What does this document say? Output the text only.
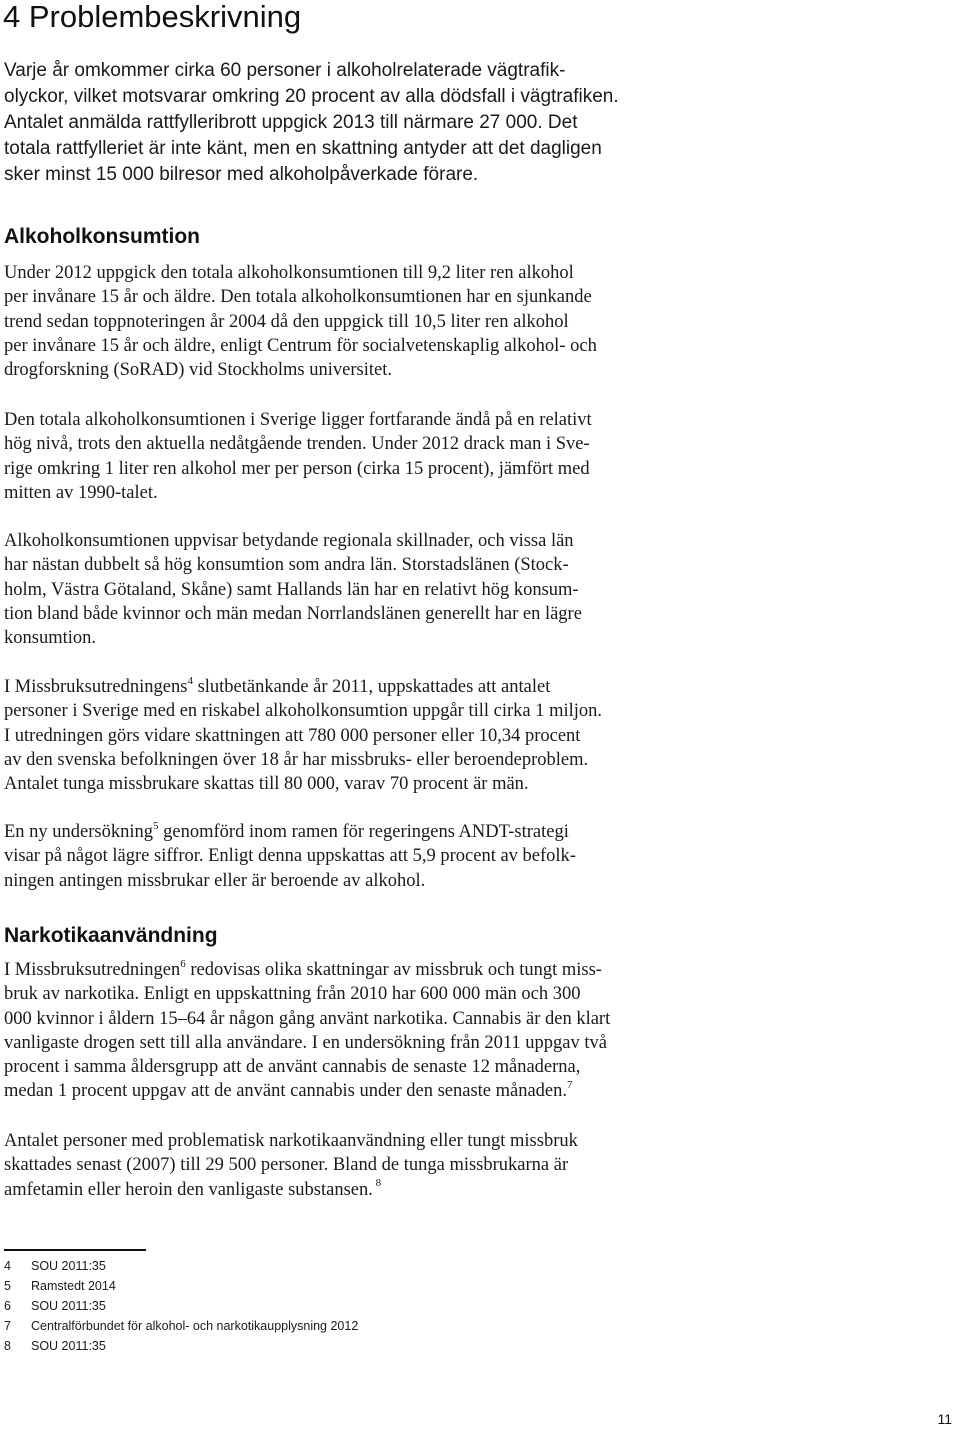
4 Problembeskrivning
Varje år omkommer cirka 60 personer i alkoholrelaterade vägtrafik-
olyckor, vilket motsvarar omkring 20 procent av alla dödsfall i vägtrafiken.
Antalet anmälda rattfylleribrott uppgick 2013 till närmare 27 000. Det
totala rattfylleriet är inte känt, men en skattning antyder att det dagligen
sker minst 15 000 bilresor med alkoholpåverkade förare.
Alkoholkonsumtion
Under 2012 uppgick den totala alkoholkonsumtionen till 9,2 liter ren alkohol
per invånare 15 år och äldre. Den totala alkoholkonsumtionen har en sjunkande
trend sedan toppnoteringen år 2004 då den uppgick till 10,5 liter ren alkohol
per invånare 15 år och äldre, enligt Centrum för socialvetenskaplig alkohol- och
drogforskning (SoRAD) vid Stockholms universitet.
Den totala alkoholkonsumtionen i Sverige ligger fortfarande ändå på en relativt
hög nivå, trots den aktuella nedåtgående trenden. Under 2012 drack man i Sve-
rige omkring 1 liter ren alkohol mer per person (cirka 15 procent), jämfört med
mitten av 1990-talet.
Alkoholkonsumtionen uppvisar betydande regionala skillnader, och vissa län
har nästan dubbelt så hög konsumtion som andra län. Storstadslänen (Stock-
holm, Västra Götaland, Skåne) samt Hallands län har en relativt hög konsum-
tion bland både kvinnor och män medan Norrlandslänen generellt har en lägre
konsumtion.
I Missbruksutredningens$^4$ slutbetänkande år 2011, uppskattades att antalet
personer i Sverige med en riskabel alkoholkonsumtion uppgår till cirka 1 miljon.
I utredningen görs vidare skattningen att 780 000 personer eller 10,34 procent
av den svenska befolkningen över 18 år har missbruks- eller beroendeproblem.
Antalet tunga missbrukare skattas till 80 000, varav 70 procent är män.
En ny undersökning$^5$ genomförd inom ramen för regeringens ANDT-strategi
visar på något lägre siffror. Enligt denna uppskattas att 5,9 procent av befolk-
ningen antingen missbrukar eller är beroende av alkohol.
Narkotikaanvändning
I Missbruksutredningen$^6$ redovisas olika skattningar av missbruk och tungt miss-
bruk av narkotika. Enligt en uppskattning från 2010 har 600 000 män och 300
000 kvinnor i åldern 15–64 år någon gång använt narkotika. Cannabis är den klart
vanligaste drogen sett till alla användare. I en undersökning från 2011 uppgav två
procent i samma åldersgrupp att de använt cannabis de senaste 12 månaderna,
medan 1 procent uppgav att de använt cannabis under den senaste månaden.$^7$
Antalet personer med problematisk narkotikaanvändning eller tungt missbruk
skattades senast (2007) till 29 500 personer. Bland de tunga missbrukarna är
amfetamin eller heroin den vanligaste substansen. $^8$
4 SOU 2011:35
5 Ramstedt 2014
6 SOU 2011:35
7 Centralförbundet för alkohol- och narkotikaupplysning 2012
8 SOU 2011:35
11
